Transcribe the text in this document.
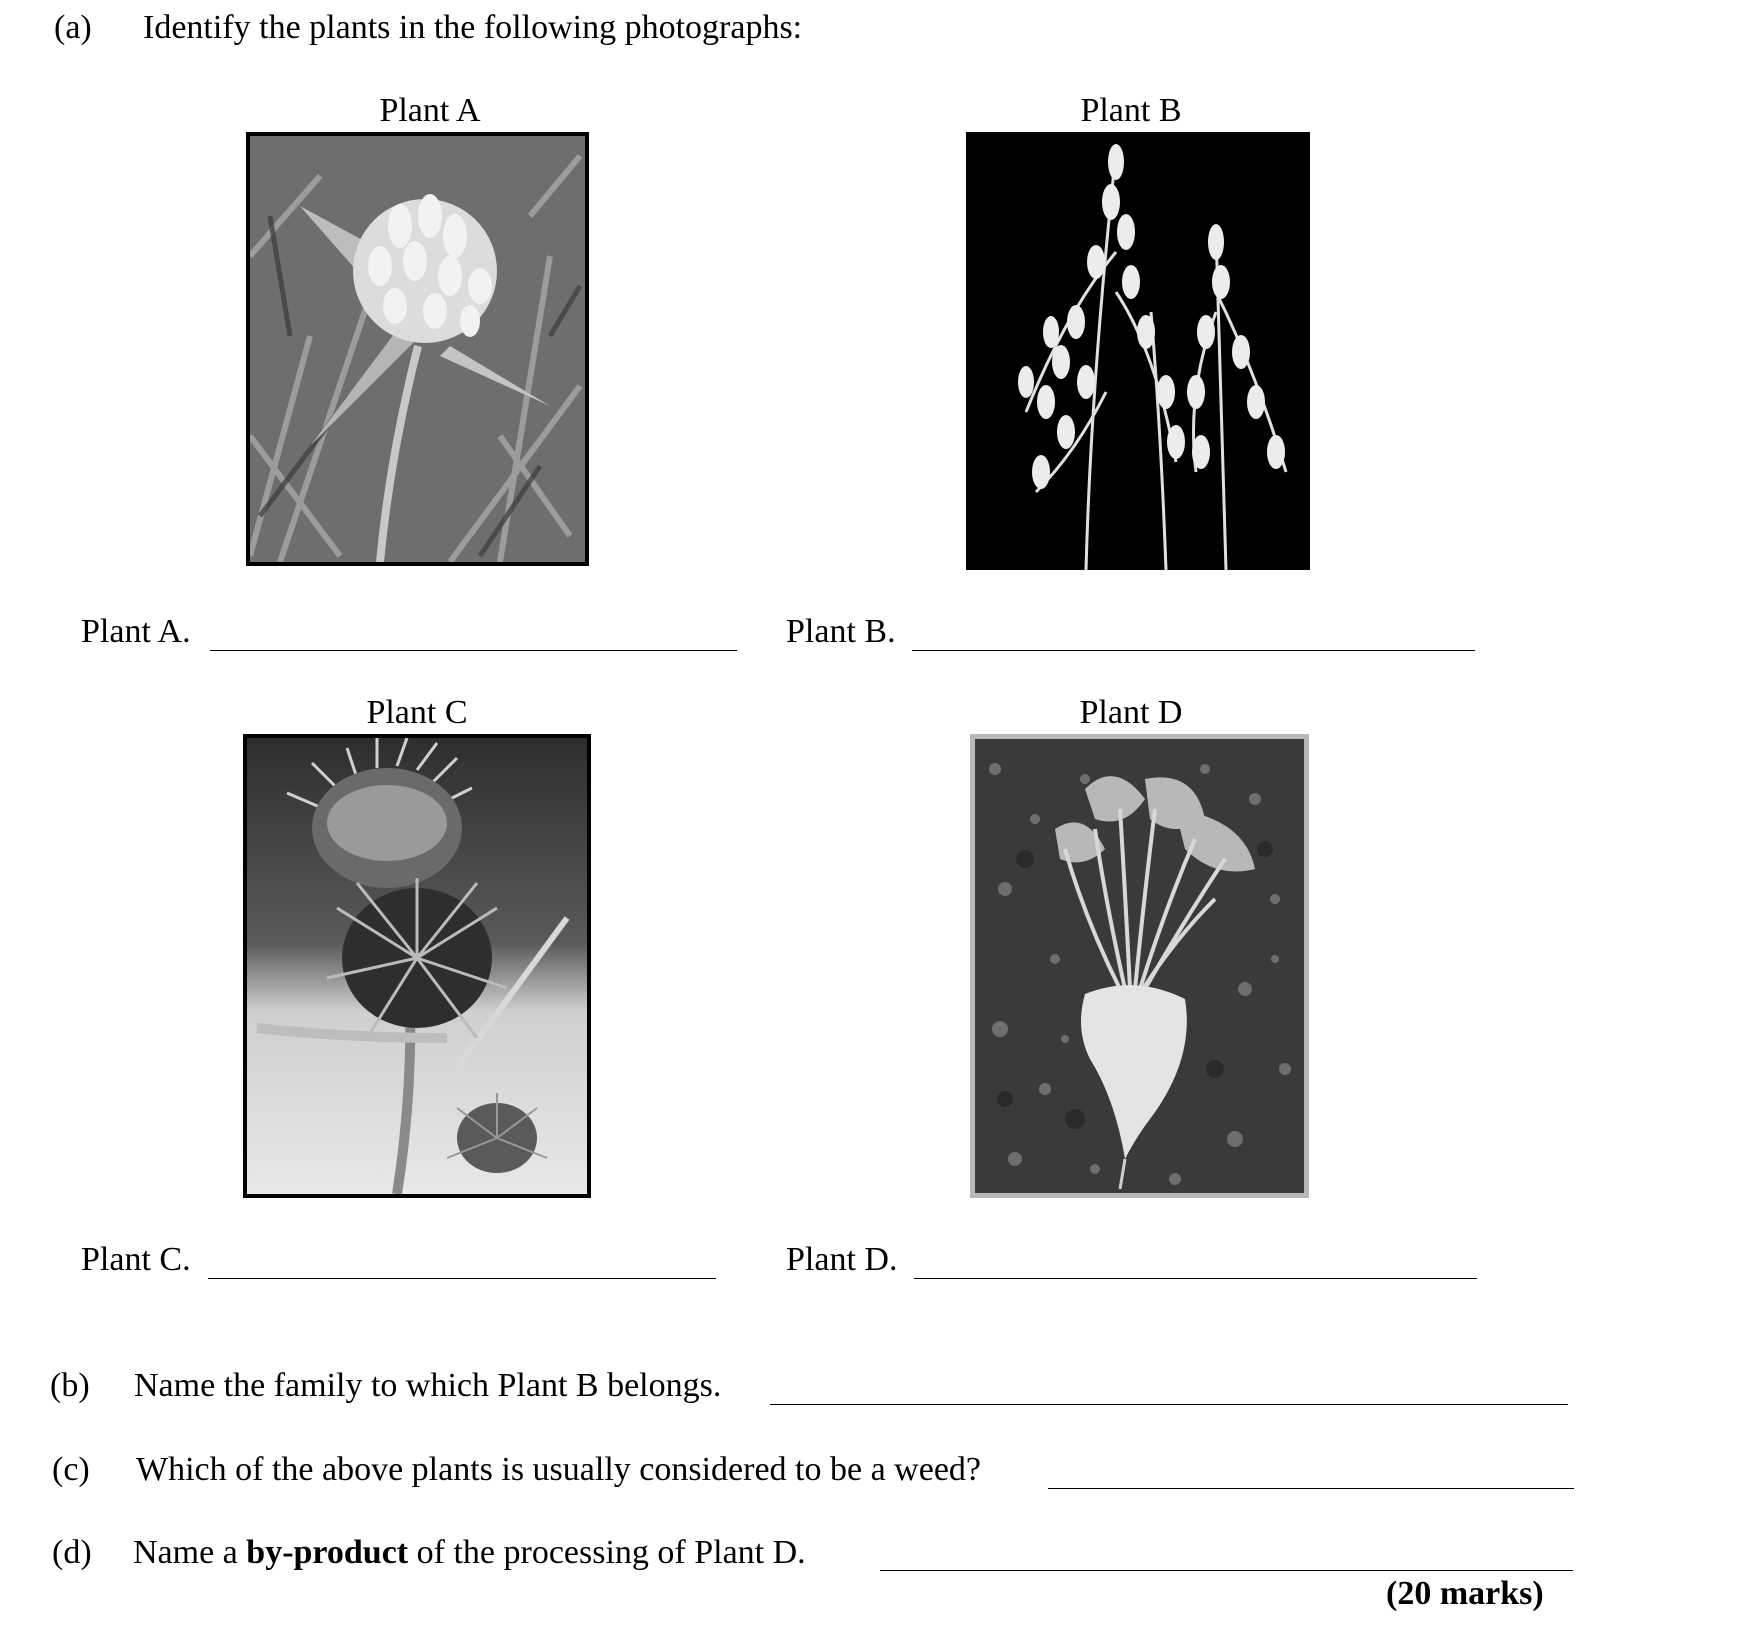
(a) Identify the plants in the following photographs:
Plant A	Plant B
Plant A.	Plant B.
Plant C	Plant D
Plant C.	Plant D.
(b) Name the family to which Plant B belongs.
(c) Which of the above plants is usually considered to be a weed?
(d) Name a by-product of the processing of Plant D.
(20 marks)
